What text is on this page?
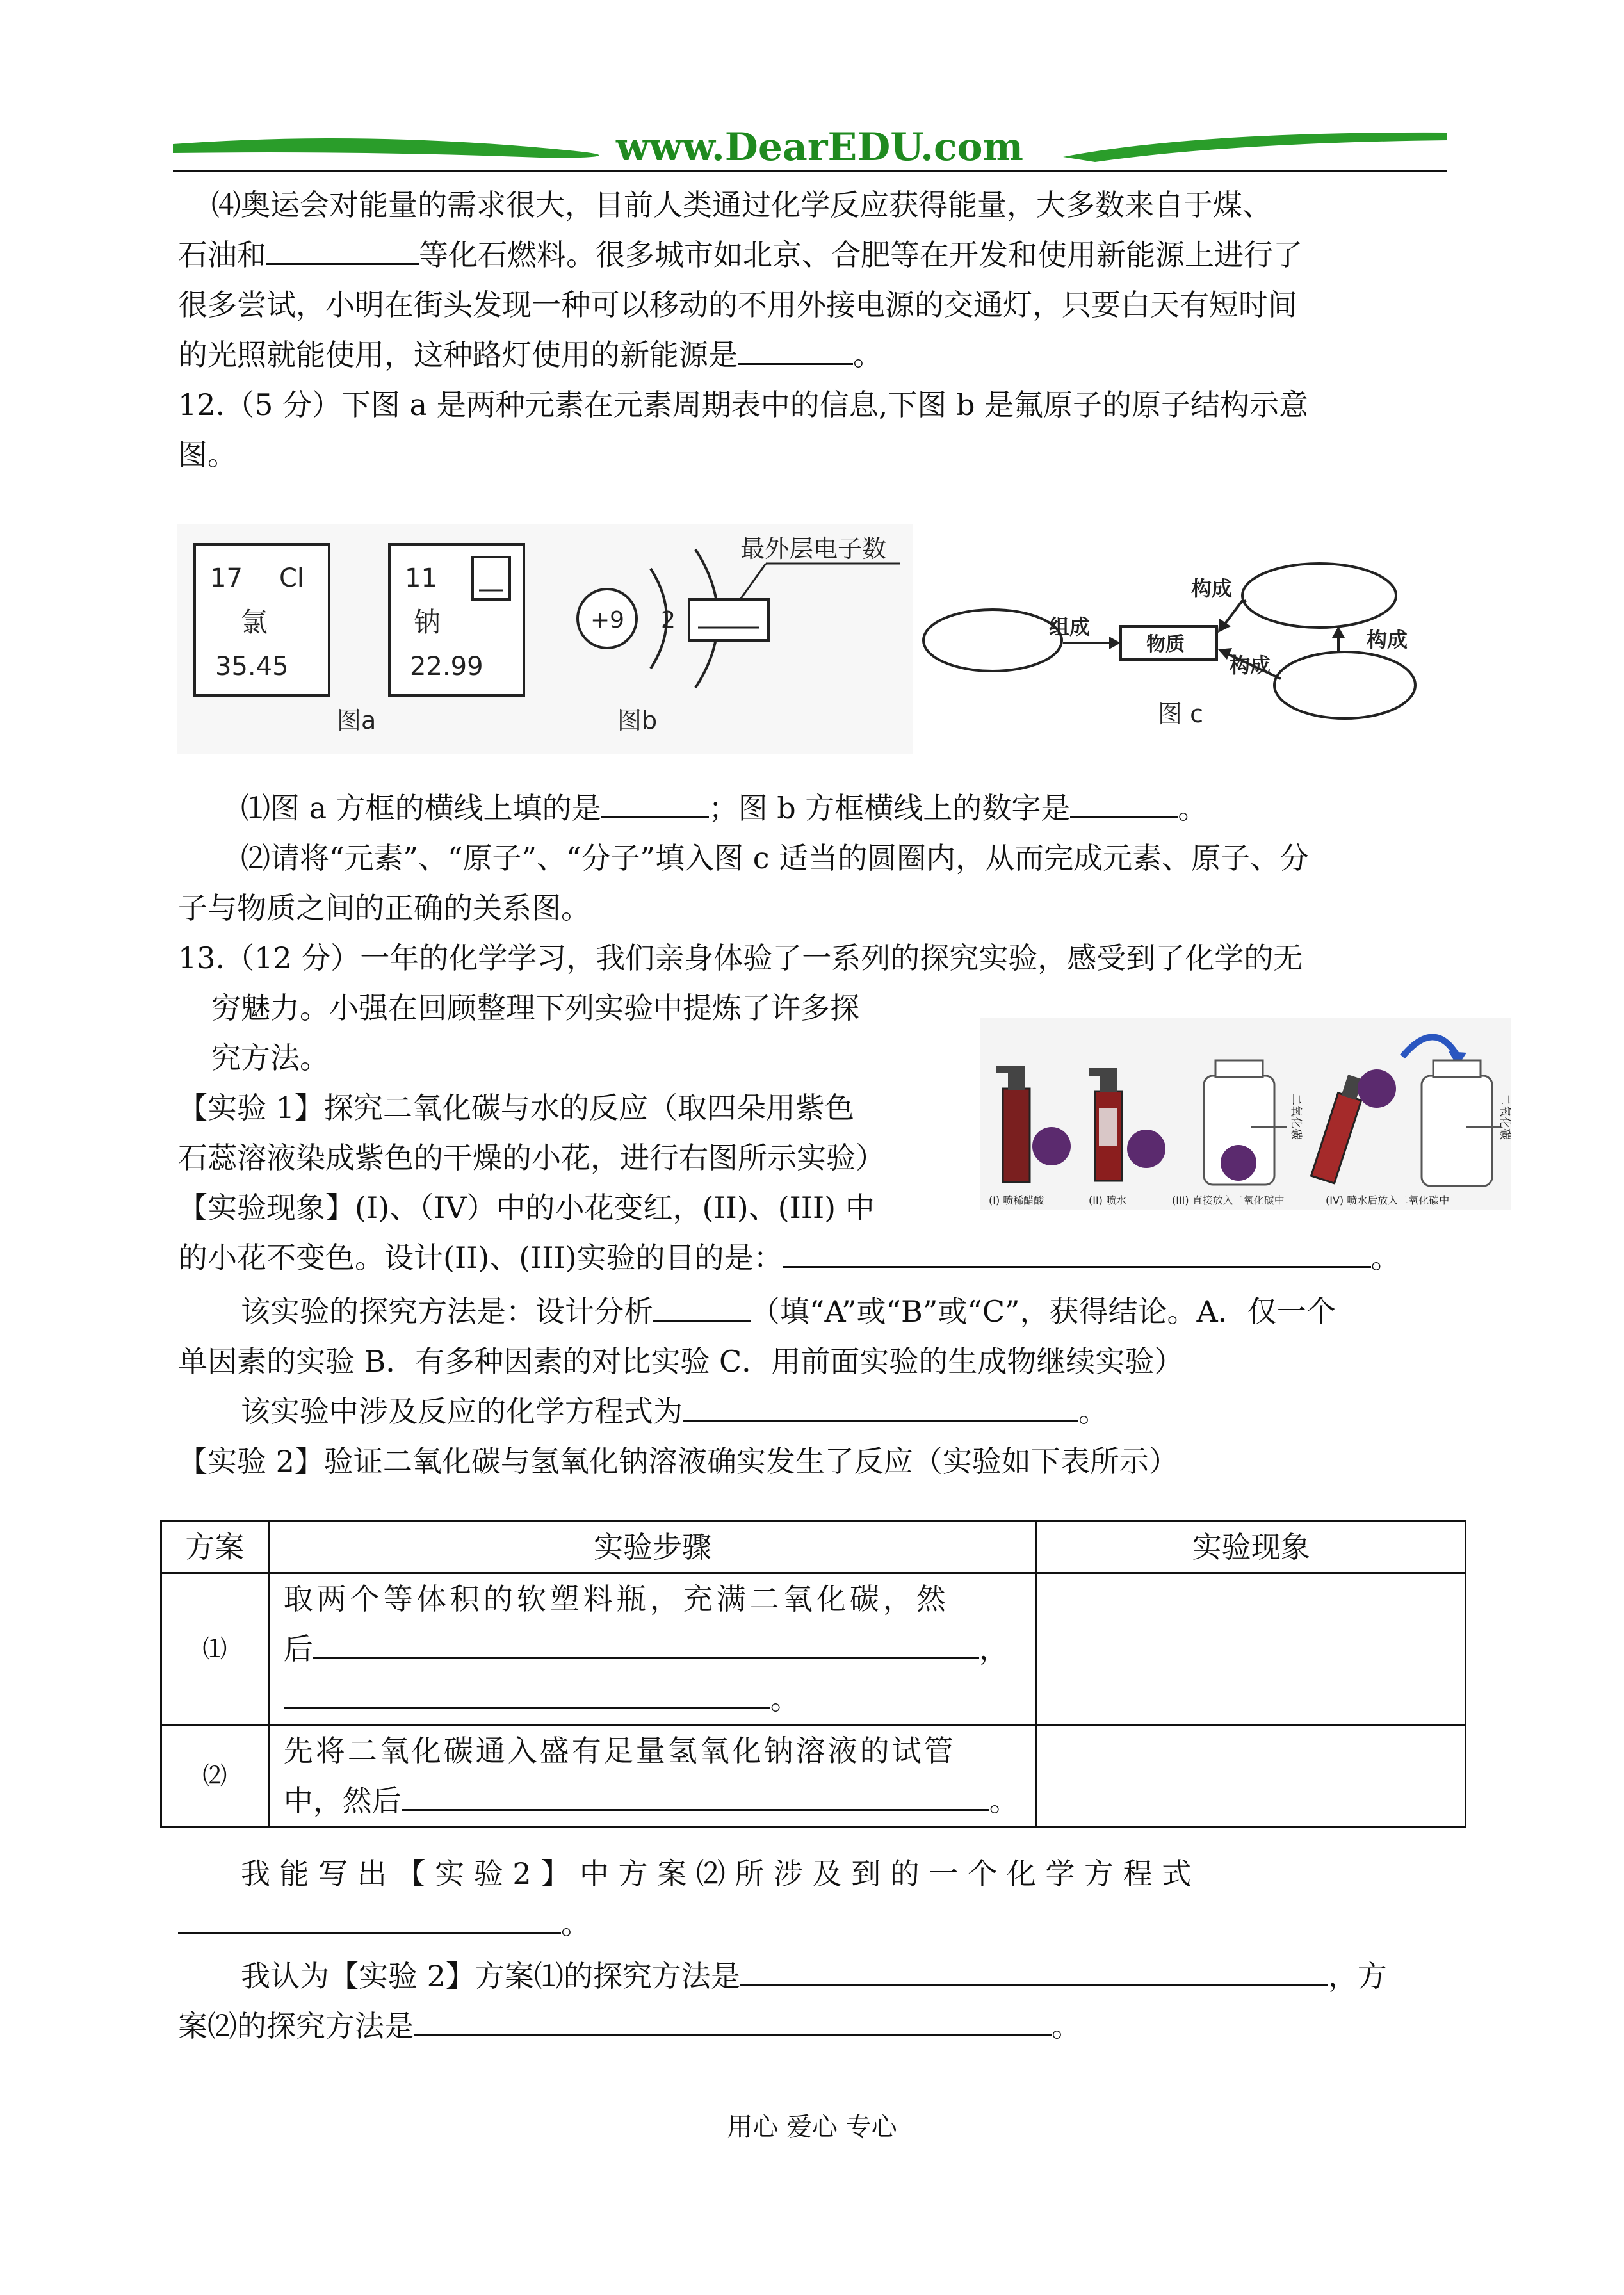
www.DearEDU.com
⑷奥运会对能量的需求很大，目前人类通过化学反应获得能量，大多数来自于煤、
石油和	等化石燃料。很多城市如北京、合肥等在开发和使用新能源上进行了
很多尝试，小明在街头发现一种可以移动的不用外接电源的交通灯，只要白天有短时间
的光照就能使用，这种路灯使用的新能源是	。
12.（5 分）下图 a 是两种元素在元素周期表中的信息,下图 b 是氟原子的原子结构示意
图。
17 Cl
氯
35.45
11
钠
22.99
图a
+9 2
最外层电子数
图b
物质
组成
构成
构成
构成
图 c
⑴图 a 方框的横线上填的是	；图 b 方框横线上的数字是	。
⑵请将“元素”、“原子”、“分子”填入图 c 适当的圆圈内，从而完成元素、原子、分
子与物质之间的正确的关系图。
13.（12 分）一年的化学学习，我们亲身体验了一系列的探究实验，感受到了化学的无
穷魅力。小强在回顾整理下列实验中提炼了许多探
究方法。
【实验 1】探究二氧化碳与水的反应（取四朵用紫色
石蕊溶液染成紫色的干燥的小花，进行右图所示实验）
【实验现象】(I)、（IV）中的小花变红，(II)、(III) 中
的小花不变色。设计(II)、(III)实验的目的是：	。
二氧化碳	二氧化碳
(I) 喷稀醋酸	(II) 喷水	(III) 直接放入二氧化碳中	(IV) 喷水后放入二氧化碳中
该实验的探究方法是：设计分析	（填“A”或“B”或“C”，获得结论。A．仅一个
单因素的实验 B．有多种因素的对比实验 C．用前面实验的生成物继续实验）
该实验中涉及反应的化学方程式为	。
【实验 2】验证二氧化碳与氢氧化钠溶液确实发生了反应（实验如下表所示）
方案	实验步骤	实验现象
⑴	取两个等体积的软塑料瓶，充满二氧化碳，然
后 ，
。	

⑵	先将二氧化碳通入盛有足量氢氧化钠溶液的试管
中，然后 。	

我 能 写 出 【 实 验 2 】 中 方 案 ⑵ 所 涉 及 到 的 一 个 化 学 方 程 式
。
我认为【实验 2】方案⑴的探究方法是	，方
案⑵的探究方法是	。
用心 爱心 专心
